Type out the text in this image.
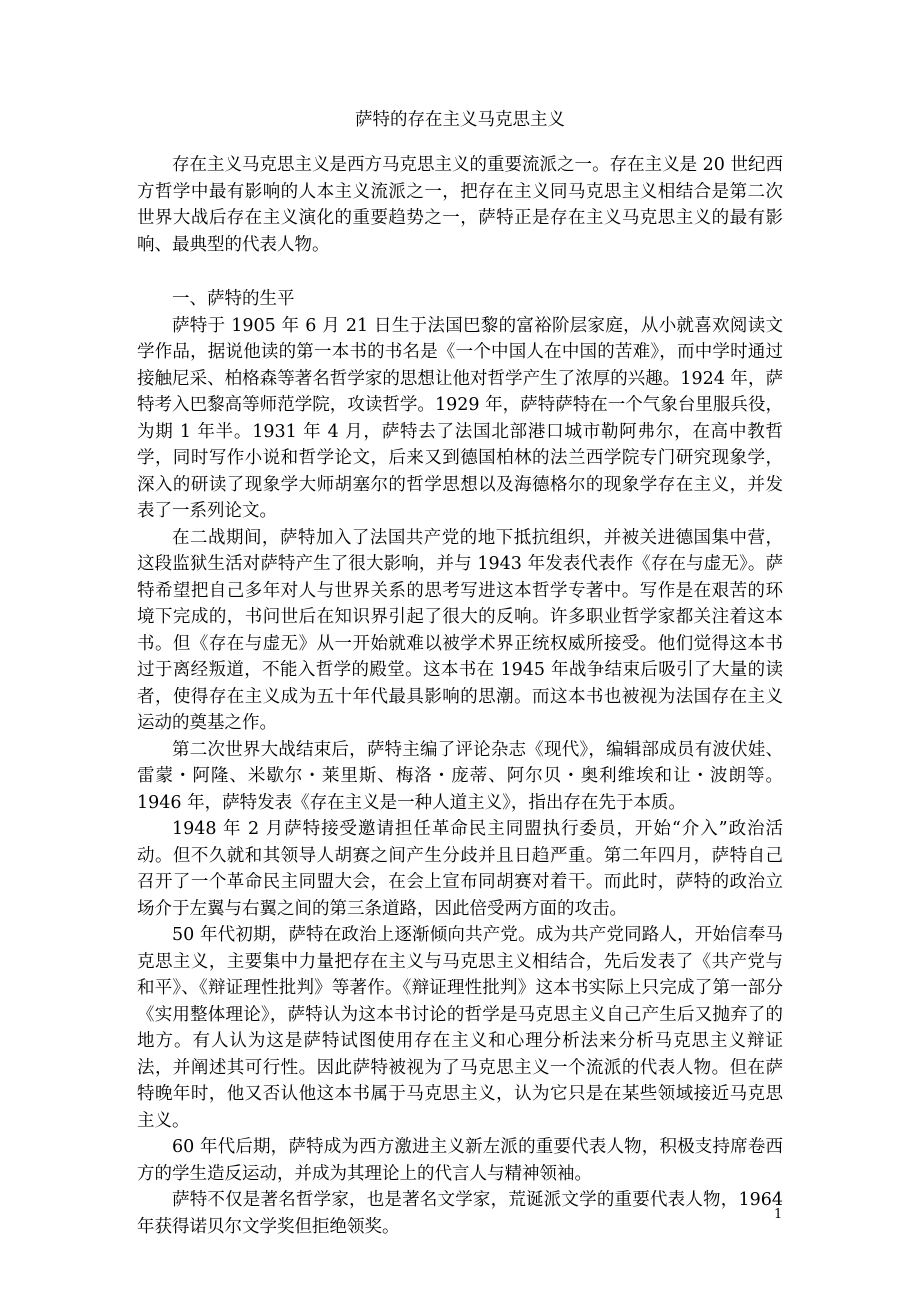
萨特的存在主义马克思主义

存在主义马克思主义是西方马克思主义的重要流派之一。存在主义是 20 世纪西方哲学中最有影响的人本主义流派之一，把存在主义同马克思主义相结合是第二次世界大战后存在主义演化的重要趋势之一，萨特正是存在主义马克思主义的最有影响、最典型的代表人物。

一、萨特的生平

萨特于 1905 年 6 月 21 日生于法国巴黎的富裕阶层家庭，从小就喜欢阅读文学作品，据说他读的第一本书的书名是《一个中国人在中国的苦难》，而中学时通过接触尼采、柏格森等著名哲学家的思想让他对哲学产生了浓厚的兴趣。1924 年，萨特考入巴黎高等师范学院，攻读哲学。1929 年，萨特萨特在一个气象台里服兵役，为期 1 年半。1931 年 4 月，萨特去了法国北部港口城市勒阿弗尔，在高中教哲学，同时写作小说和哲学论文，后来又到德国柏林的法兰西学院专门研究现象学，深入的研读了现象学大师胡塞尔的哲学思想以及海德格尔的现象学存在主义，并发表了一系列论文。

在二战期间，萨特加入了法国共产党的地下抵抗组织，并被关进德国集中营，这段监狱生活对萨特产生了很大影响，并与 1943 年发表代表作《存在与虚无》。萨特希望把自己多年对人与世界关系的思考写进这本哲学专著中。写作是在艰苦的环境下完成的，书问世后在知识界引起了很大的反响。许多职业哲学家都关注着这本书。但《存在与虚无》从一开始就难以被学术界正统权威所接受。他们觉得这本书过于离经叛道，不能入哲学的殿堂。这本书在 1945 年战争结束后吸引了大量的读者，使得存在主义成为五十年代最具影响的思潮。而这本书也被视为法国存在主义运动的奠基之作。

第二次世界大战结束后，萨特主编了评论杂志《现代》，编辑部成员有波伏娃、雷蒙・阿隆、米歇尔・莱里斯、梅洛・庞蒂、阿尔贝・奥利维埃和让・波朗等。1946 年，萨特发表《存在主义是一种人道主义》，指出存在先于本质。

1948 年 2 月萨特接受邀请担任革命民主同盟执行委员，开始“介入”政治活动。但不久就和其领导人胡赛之间产生分歧并且日趋严重。第二年四月，萨特自己召开了一个革命民主同盟大会，在会上宣布同胡赛对着干。而此时，萨特的政治立场介于左翼与右翼之间的第三条道路，因此倍受两方面的攻击。

50 年代初期，萨特在政治上逐渐倾向共产党。成为共产党同路人，开始信奉马克思主义，主要集中力量把存在主义与马克思主义相结合，先后发表了《共产党与和平》、《辩证理性批判》等著作。《辩证理性批判》这本书实际上只完成了第一部分《实用整体理论》，萨特认为这本书讨论的哲学是马克思主义自己产生后又抛弃了的地方。有人认为这是萨特试图使用存在主义和心理分析法来分析马克思主义辩证法，并阐述其可行性。因此萨特被视为了马克思主义一个流派的代表人物。但在萨特晚年时，他又否认他这本书属于马克思主义，认为它只是在某些领域接近马克思主义。

60 年代后期，萨特成为西方激进主义新左派的重要代表人物，积极支持席卷西方的学生造反运动，并成为其理论上的代言人与精神领袖。

萨特不仅是著名哲学家，也是著名文学家，荒诞派文学的重要代表人物，1964 年获得诺贝尔文学奖但拒绝领奖。

1
